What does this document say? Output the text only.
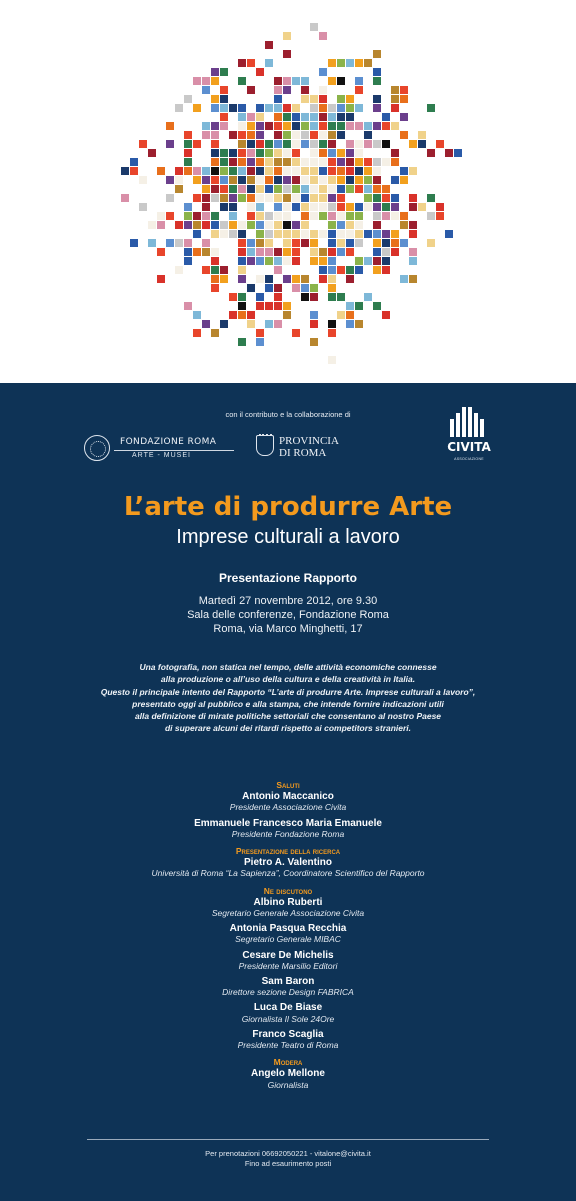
con il contributo e la collaborazione di
FONDAZIONE ROMA
ARTE - MUSEI
PROVINCIA
DI ROMA	CIVITA
ASSOCIAZIONE
L’arte di produrre Arte
Imprese culturali a lavoro
Presentazione Rapporto
Martedì 27 novembre 2012, ore 9.30
Sala delle conferenze, Fondazione Roma
Roma, via Marco Minghetti, 17
Una fotografia, non statica nel tempo, delle attività economiche connesse
alla produzione o all’uso della cultura e della creatività in Italia.
Questo il principale intento del Rapporto “L’arte di produrre Arte. Imprese culturali a lavoro”,
presentato oggi al pubblico e alla stampa, che intende fornire indicazioni utili
alla definizione di mirate politiche settoriali che consentano al nostro Paese
di superare alcuni dei ritardi rispetto ai competitors stranieri.
Saluti
Antonio Maccanico
Presidente Associazione Civita
Emmanuele Francesco Maria Emanuele
Presidente Fondazione Roma
Presentazione della ricerca
Pietro A. Valentino
Università di Roma “La Sapienza”, Coordinatore Scientifico del Rapporto
Ne discutono
Albino Ruberti
Segretario Generale Associazione Civita
Antonia Pasqua Recchia
Segretario Generale MIBAC
Cesare De Michelis
Presidente Marsilio Editori
Sam Baron
Direttore sezione Design FABRICA
Luca De Biase
Giornalista Il Sole 24Ore
Franco Scaglia
Presidente Teatro di Roma
Modera
Angelo Mellone
Giornalista
Per prenotazioni 06692050221 - vitalone@civita.it
Fino ad esaurimento posti
